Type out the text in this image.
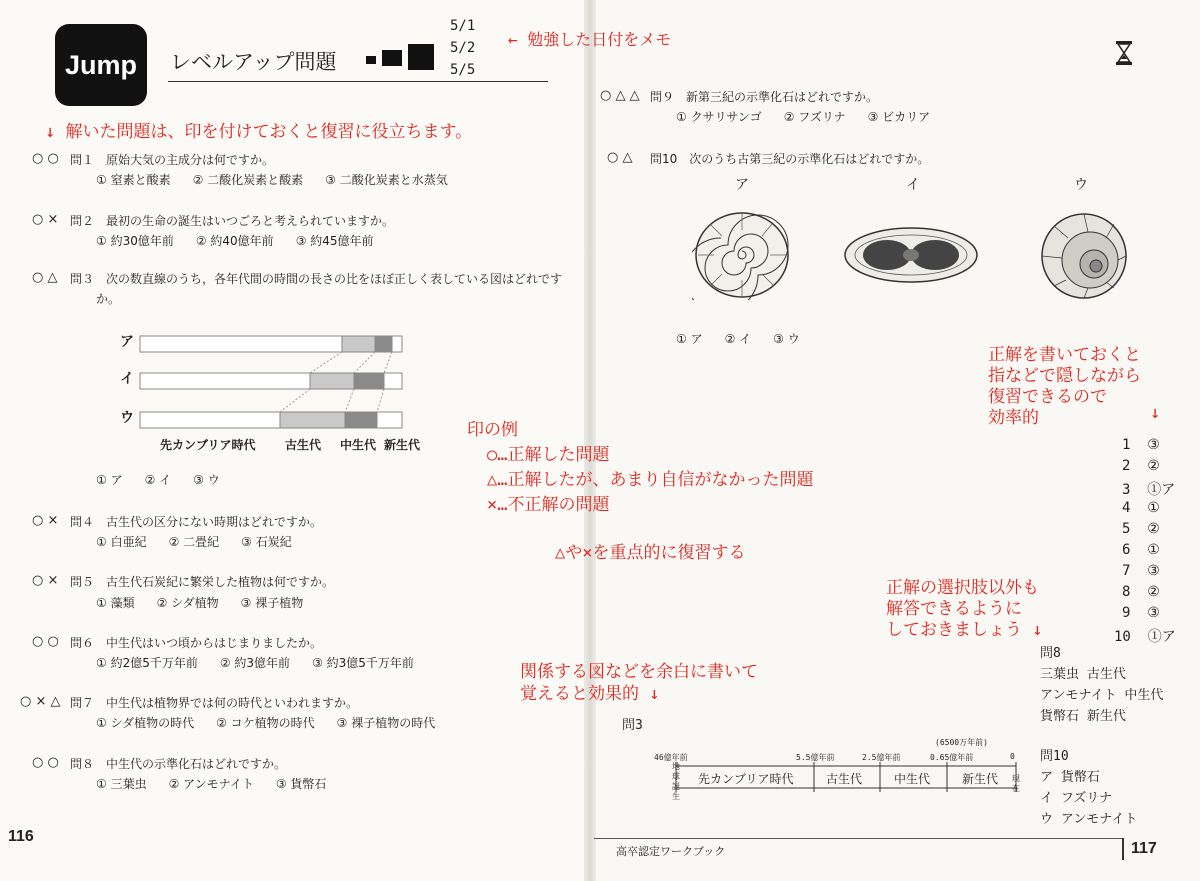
Jump レベルアップ問題
5/1
5/2
5/5
← 勉強した日付をメモ
↓ 解いた問題は、印を付けておくと復習に役立ちます。
○ ○ 問１　 原始大気の主成分は何ですか。
① 窒素と酸素 ② 二酸化炭素と酸素 ③ 二酸化炭素と水蒸気
○ × 問２　 最初の生命の誕生はいつごろと考えられていますか。
① 約30億年前 ② 約40億年前 ③ 約45億年前
○ △ 問３　 次の数直線のうち，各年代間の時間の長さの比をほぼ正しく表している図はどれです
か。
ア
イ
ウ
先カンブリア時代 古生代 中生代 新生代
① ア ② イ ③ ウ
○ × 問４　 古生代の区分にない時期はどれですか。
① 白亜紀 ② 二畳紀 ③ 石炭紀
○ × 問５　 古生代石炭紀に繁栄した植物は何ですか。
① 藻類 ② シダ植物 ③ 裸子植物
○ ○ 問６　 中生代はいつ頃からはじまりましたか。
① 約2億5千万年前 ② 約3億年前 ③ 約3億5千万年前
○ × △ 問７　 中生代は植物界では何の時代といわれますか。
① シダ植物の時代 ② コケ植物の時代 ③ 裸子植物の時代
○ ○ 問８　 中生代の示準化石はどれですか。
① 三葉虫 ② アンモナイト ③ 貨幣石
116
○ △ △ 問９　 新第三紀の示準化石はどれですか。
① クサリサンゴ ② フズリナ ③ ビカリア
○ △ 問10　 次のうち古第三紀の示準化石はどれですか。
ア	イ	ウ
① ア ② イ ③ ウ
印の例
○…正解した問題
△…正解したが、あまり自信がなかった問題
×…不正解の問題
△や×を重点的に復習する
正解を書いておくと
指などで隠しながら
復習できるので
効率的	↓
正解の選択肢以外も
解答できるように
しておきましょう ↓
関係する図などを余白に書いて
覚えると効果的 ↓
1 ③
2 ②
3 ①ア
4 ①
5 ②
6 ①
7 ③
8 ②
9 ③
10 ①ア
問8
三葉虫 古生代
アンモナイト 中生代
貨幣石 新生代
問10
ア 貨幣石
イ フズリナ
ウ アンモナイト
問3
(6500万年前)
46億年前	5.5億年前	2.5億年前	0.65億年前	0
先カンブリア時代	古生代	中生代	新生代
地球誕生
現在
高卒認定ワークブック	117
